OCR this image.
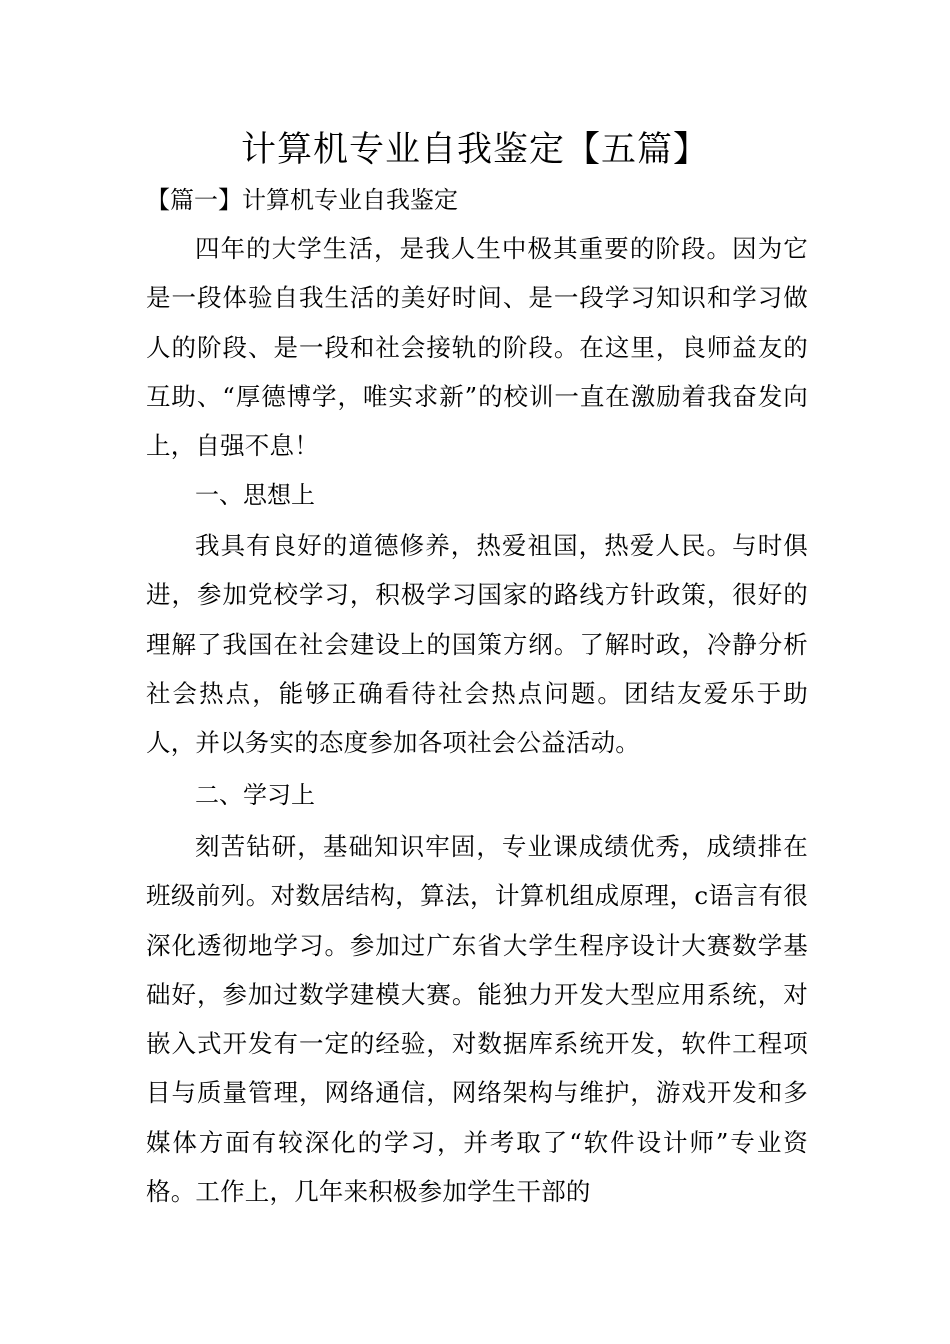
计算机专业自我鉴定【五篇】
【篇一】计算机专业自我鉴定

四年的大学生活，是我人生中极其重要的阶段。因为它是一段体验自我生活的美好时间、是一段学习知识和学习做人的阶段、是一段和社会接轨的阶段。在这里，良师益友的互助、“厚德博学，唯实求新”的校训一直在激励着我奋发向上，自强不息！

一、思想上

我具有良好的道德修养，热爱祖国，热爱人民。与时俱进，参加党校学习，积极学习国家的路线方针政策，很好的理解了我国在社会建设上的国策方纲。了解时政，冷静分析社会热点，能够正确看待社会热点问题。团结友爱乐于助人，并以务实的态度参加各项社会公益活动。

二、学习上

刻苦钻研，基础知识牢固，专业课成绩优秀，成绩排在班级前列。对数居结构，算法，计算机组成原理，c语言有很深化透彻地学习。参加过广东省大学生程序设计大赛数学基础好，参加过数学建模大赛。能独力开发大型应用系统，对嵌入式开发有一定的经验，对数据库系统开发，软件工程项目与质量管理，网络通信，网络架构与维护，游戏开发和多媒体方面有较深化的学习，并考取了“软件设计师”专业资格。工作上，几年来积极参加学生干部的
